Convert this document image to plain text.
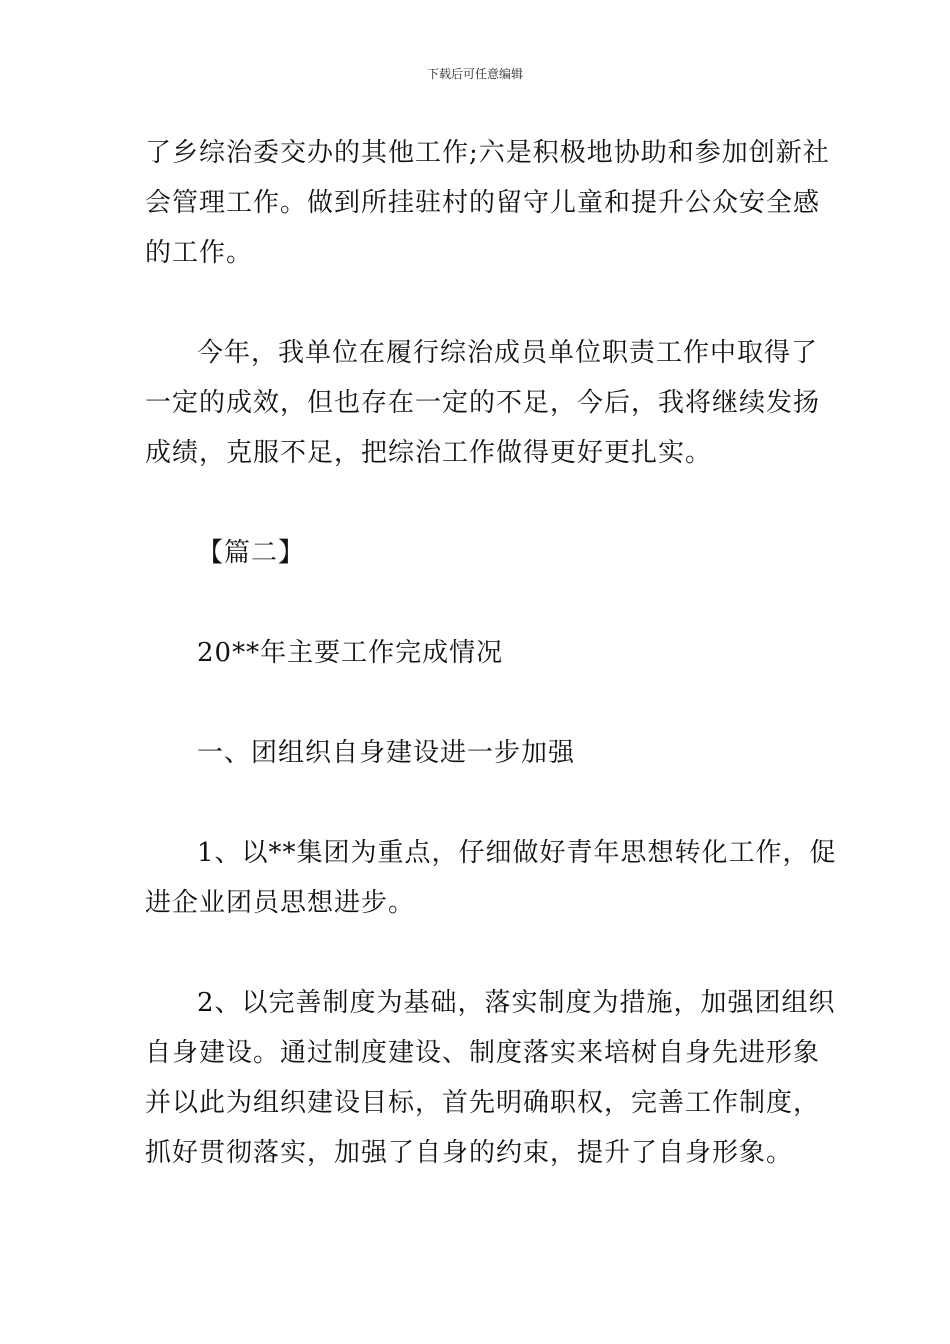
下载后可任意编辑
了乡综治委交办的其他工作;六是积极地协助和参加创新社
会管理工作。做到所挂驻村的留守儿童和提升公众安全感
的工作。
今年，我单位在履行综治成员单位职责工作中取得了
一定的成效，但也存在一定的不足，今后，我将继续发扬
成绩，克服不足，把综治工作做得更好更扎实。
【篇二】
20**年主要工作完成情况
一、团组织自身建设进一步加强
1、以**集团为重点，仔细做好青年思想转化工作，促
进企业团员思想进步。
2、以完善制度为基础，落实制度为措施，加强团组织
自身建设。通过制度建设、制度落实来培树自身先进形象
并以此为组织建设目标，首先明确职权，完善工作制度，
抓好贯彻落实，加强了自身的约束，提升了自身形象。
